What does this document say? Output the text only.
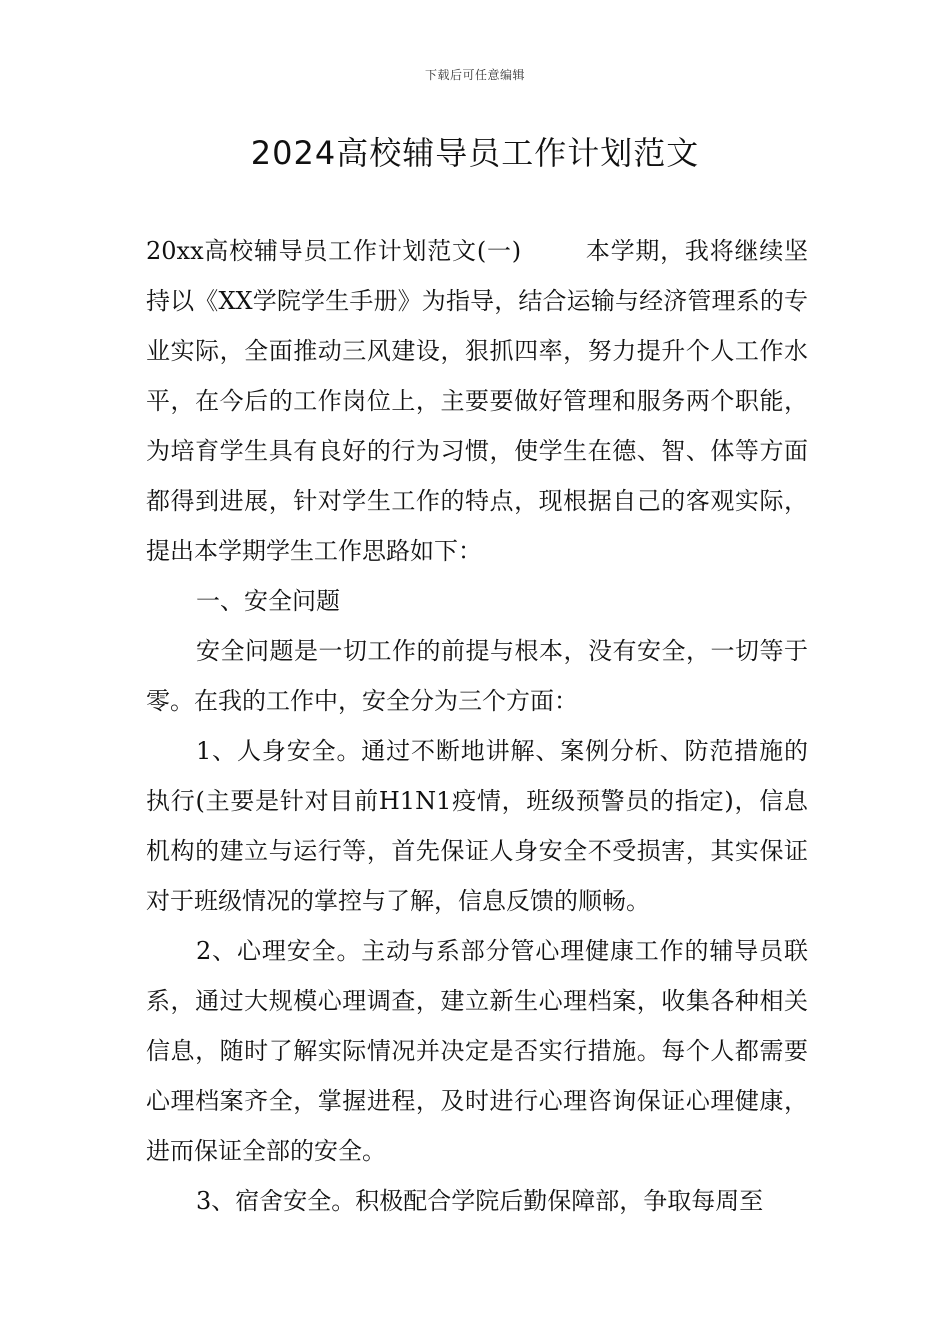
下载后可任意编辑
2024高校辅导员工作计划范文

20xx高校辅导员工作计划范文(一)	本学期，我将继续坚持以《XX学院学生手册》为指导，结合运输与经济管理系的专业实际，全面推动三风建设，狠抓四率，努力提升个人工作水平，在今后的工作岗位上，主要要做好管理和服务两个职能，为培育学生具有良好的行为习惯，使学生在德、智、体等方面都得到进展，针对学生工作的特点，现根据自己的客观实际，提出本学期学生工作思路如下：

一、安全问题

安全问题是一切工作的前提与根本，没有安全，一切等于零。在我的工作中，安全分为三个方面：

1、人身安全。通过不断地讲解、案例分析、防范措施的执行(主要是针对目前H1N1疫情，班级预警员的指定)，信息机构的建立与运行等，首先保证人身安全不受损害，其实保证对于班级情况的掌控与了解，信息反馈的顺畅。

2、心理安全。主动与系部分管心理健康工作的辅导员联系，通过大规模心理调查，建立新生心理档案，收集各种相关信息，随时了解实际情况并决定是否实行措施。每个人都需要心理档案齐全，掌握进程，及时进行心理咨询保证心理健康，进而保证全部的安全。

3、宿舍安全。积极配合学院后勤保障部，争取每周至
